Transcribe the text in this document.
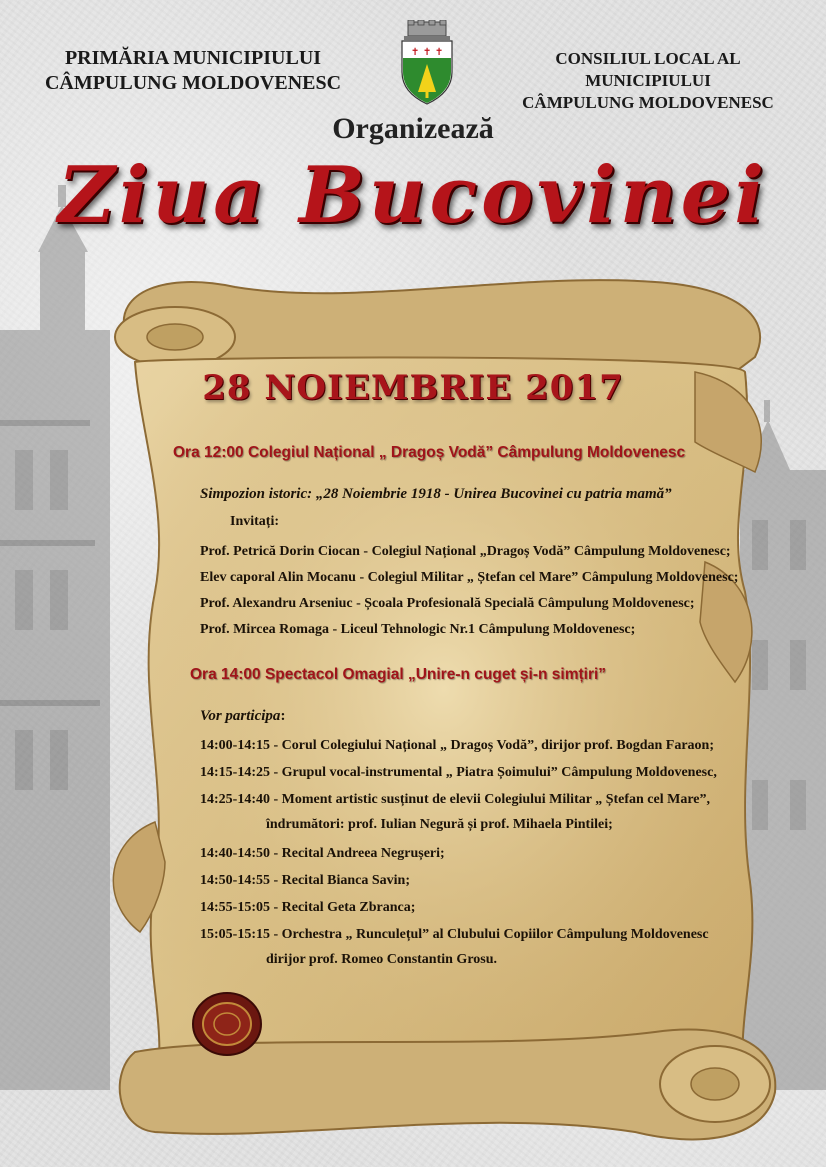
PRIMĂRIA MUNICIPIULUI
CÂMPULUNG MOLDOVENESC
✝ ✝ ✝	CONSILIUL LOCAL AL MUNICIPIULUI
CÂMPULUNG MOLDOVENESC
Organizează
Ziua Bucovinei
28 NOIEMBRIE 2017
Ora 12:00 Colegiul Național „ Dragoș Vodă” Câmpulung Moldovenesc
Simpozion istoric: „28 Noiembrie 1918 - Unirea Bucovinei cu patria mamă”
Invitați:
Prof. Petrică Dorin Ciocan - Colegiul Național „Dragoș Vodă” Câmpulung Moldovenesc;
Elev caporal Alin Mocanu - Colegiul Militar „ Ștefan cel Mare” Câmpulung Moldovenesc;
Prof. Alexandru Arseniuc - Școala Profesională Specială Câmpulung Moldovenesc;
Prof. Mircea Romaga - Liceul Tehnologic Nr.1 Câmpulung Moldovenesc;
Ora 14:00 Spectacol Omagial „Unire-n cuget și-n simțiri”
Vor participa:
14:00-14:15 - Corul Colegiului Național „ Dragoș Vodă”, dirijor prof. Bogdan Faraon;
14:15-14:25 - Grupul vocal-instrumental „ Piatra Șoimului” Câmpulung Moldovenesc,
14:25-14:40 - Moment artistic susținut de elevii Colegiului Militar „ Ștefan cel Mare”,
îndrumători: prof. Iulian Negură și prof. Mihaela Pintilei;
14:40-14:50 - Recital Andreea Negrușeri;
14:50-14:55 - Recital Bianca Savin;
14:55-15:05 - Recital Geta Zbranca;
15:05-15:15 - Orchestra „ Runculețul” al Clubului Copiilor Câmpulung Moldovenesc
dirijor prof. Romeo Constantin Grosu.
